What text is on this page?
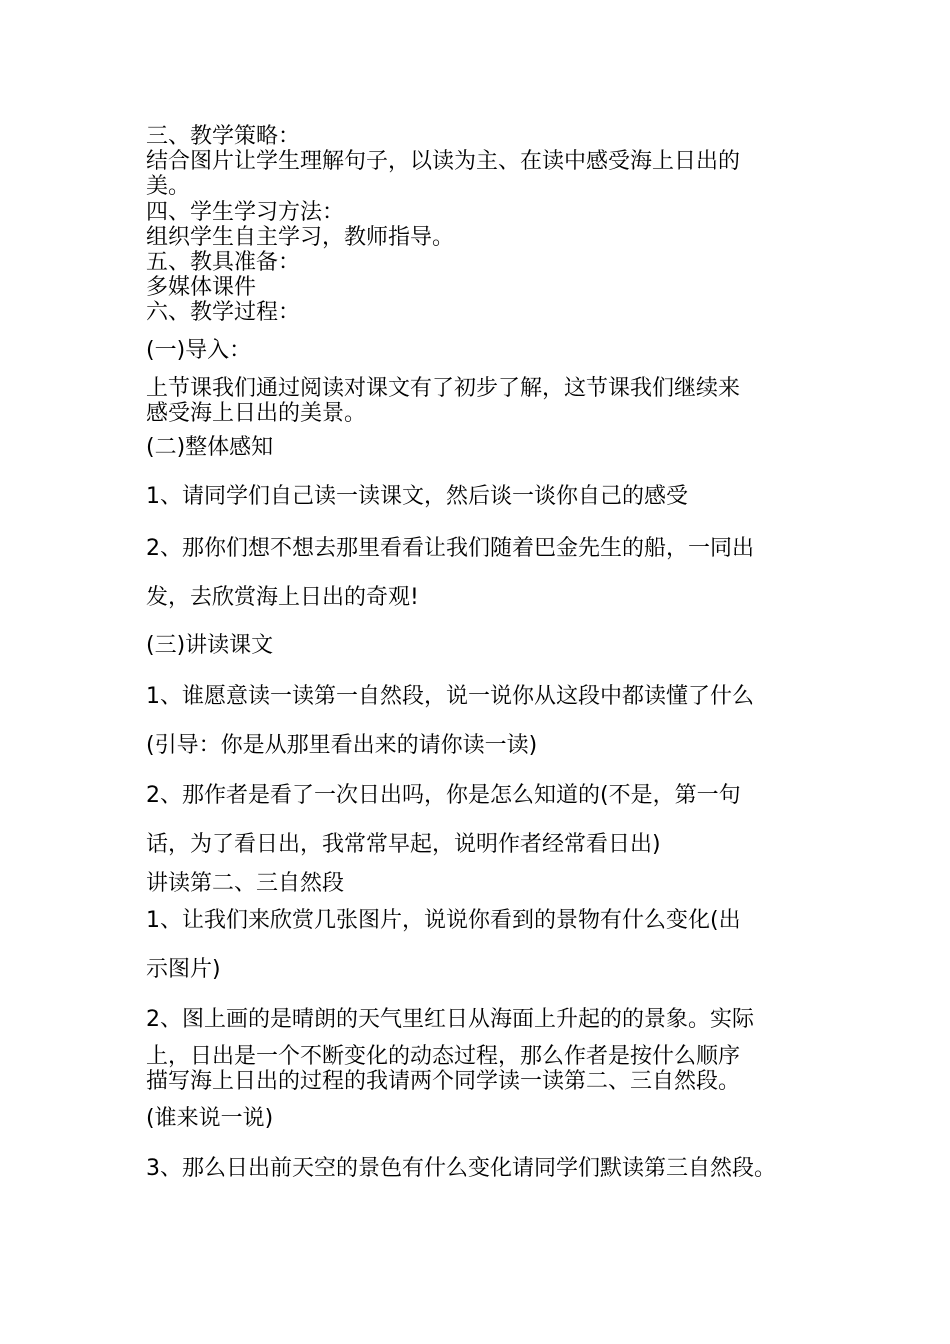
三、教学策略：

结合图片让学生理解句子，以读为主、在读中感受海上日出的

美。

四、学生学习方法：

组织学生自主学习，教师指导。

五、教具准备：

多媒体课件

六、教学过程：

(一)导入：

上节课我们通过阅读对课文有了初步了解，这节课我们继续来

感受海上日出的美景。

(二)整体感知

1、请同学们自己读一读课文，然后谈一谈你自己的感受

2、那你们想不想去那里看看让我们随着巴金先生的船，一同出

发，去欣赏海上日出的奇观!

(三)讲读课文

1、谁愿意读一读第一自然段，说一说你从这段中都读懂了什么

(引导：你是从那里看出来的请你读一读)

2、那作者是看了一次日出吗，你是怎么知道的(不是，第一句

话，为了看日出，我常常早起，说明作者经常看日出)

讲读第二、三自然段

1、让我们来欣赏几张图片，说说你看到的景物有什么变化(出

示图片)

2、图上画的是晴朗的天气里红日从海面上升起的的景象。实际

上，日出是一个不断变化的动态过程，那么作者是按什么顺序

描写海上日出的过程的我请两个同学读一读第二、三自然段。

(谁来说一说)

3、那么日出前天空的景色有什么变化请同学们默读第三自然段。
